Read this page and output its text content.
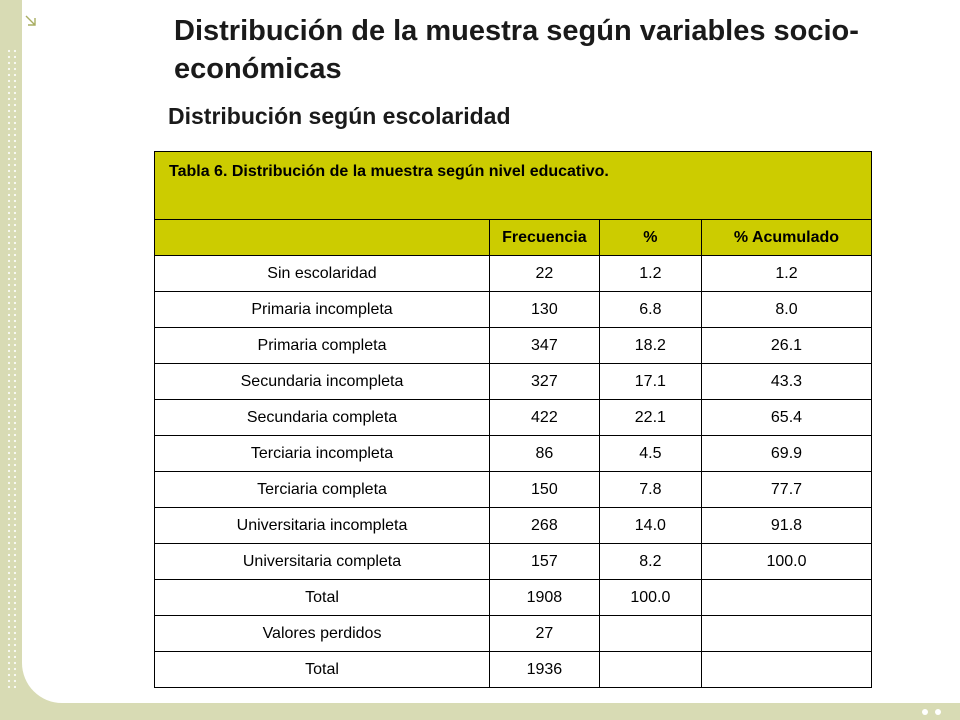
Distribución de la muestra según variables socio-económicas
Distribución según escolaridad
Tabla 6. Distribución de la muestra según nivel educativo.			
	Frecuencia	%	% Acumulado
Sin escolaridad	22	1.2	1.2
Primaria incompleta	130	6.8	8.0
Primaria completa	347	18.2	26.1
Secundaria incompleta	327	17.1	43.3
Secundaria completa	422	22.1	65.4
Terciaria incompleta	86	4.5	69.9
Terciaria completa	150	7.8	77.7
Universitaria incompleta	268	14.0	91.8
Universitaria completa	157	8.2	100.0
Total	1908	100.0	
Valores perdidos	27		
Total	1936		
